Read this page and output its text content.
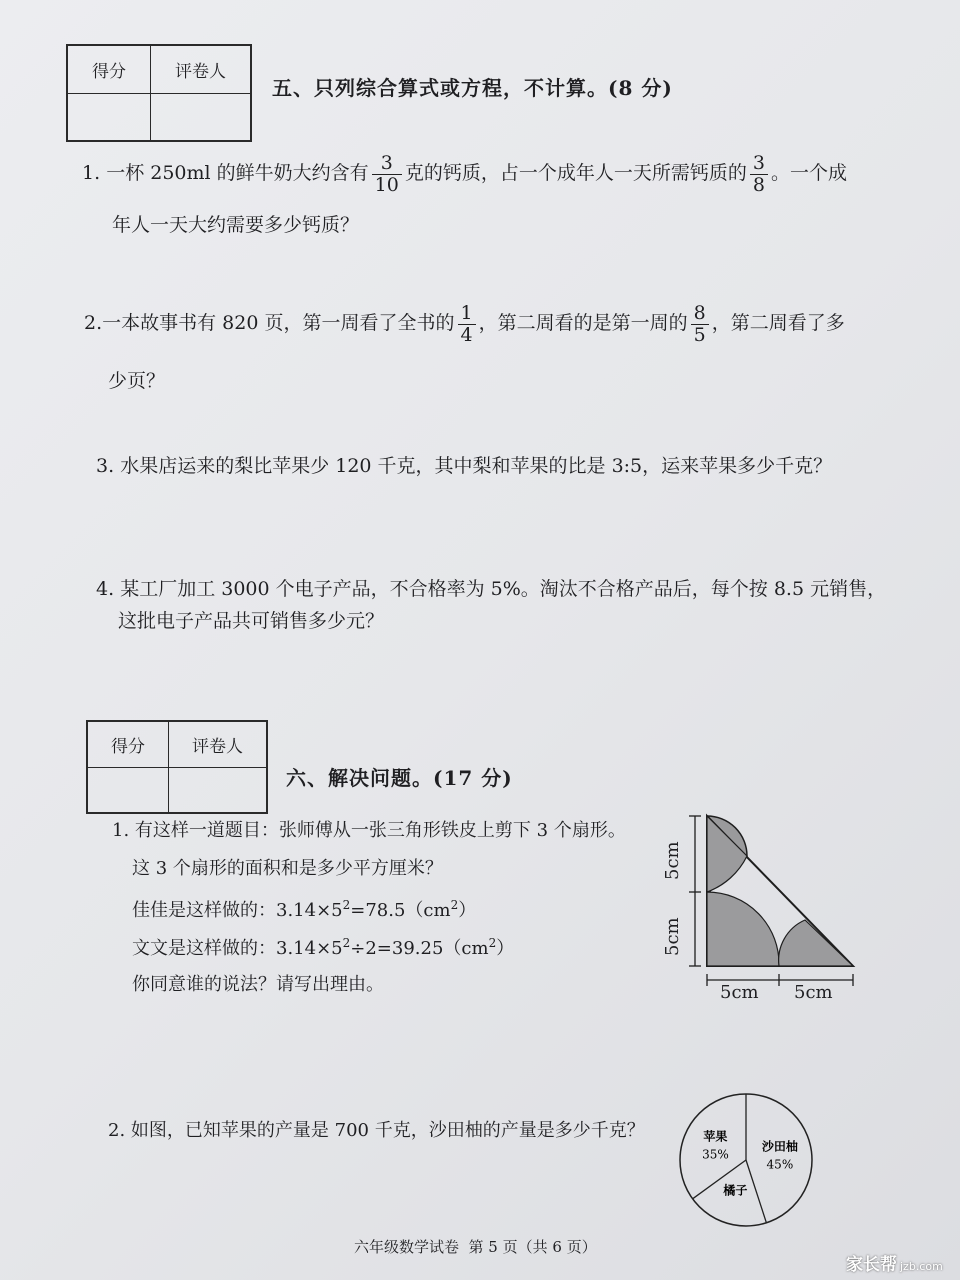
得分	评卷人

五、只列综合算式或方程，不计算。(8 分)
1. 一杯 250ml 的鲜牛奶大约含有 $\frac{3}{10}$ 克的钙质，占一个成年人一天所需钙质的 $\frac{3}{8}$ 。一个成
年人一天大约需要多少钙质？
2.一本故事书有 820 页，第一周看了全书的 $\frac{1}{4}$ ，第二周看的是第一周的 $\frac{8}{5}$ ，第二周看了多
少页？
3. 水果店运来的梨比苹果少 120 千克，其中梨和苹果的比是 3:5，运来苹果多少千克？
4. 某工厂加工 3000 个电子产品，不合格率为 5%。淘汰不合格产品后，每个按 8.5 元销售，
这批电子产品共可销售多少元？
得分	评卷人

六、解决问题。(17 分)
1. 有这样一道题目：张师傅从一张三角形铁皮上剪下 3 个扇形。
这 3 个扇形的面积和是多少平方厘米？
佳佳是这样做的：$3.14\times 5^2=78.5(cm^2)$
文文是这样做的：$3.14\times 5^2\div 2=39.25(cm^2)$
你同意谁的说法？请写出理由。
5cm
5cm
5cm 5cm
2. 如图，已知苹果的产量是 700 千克，沙田柚的产量是多少千克？
沙田柚
45%
橘子
苹果
35%
六年级数学试卷  第 5 页（共 6 页）
家长帮 jzb.com
